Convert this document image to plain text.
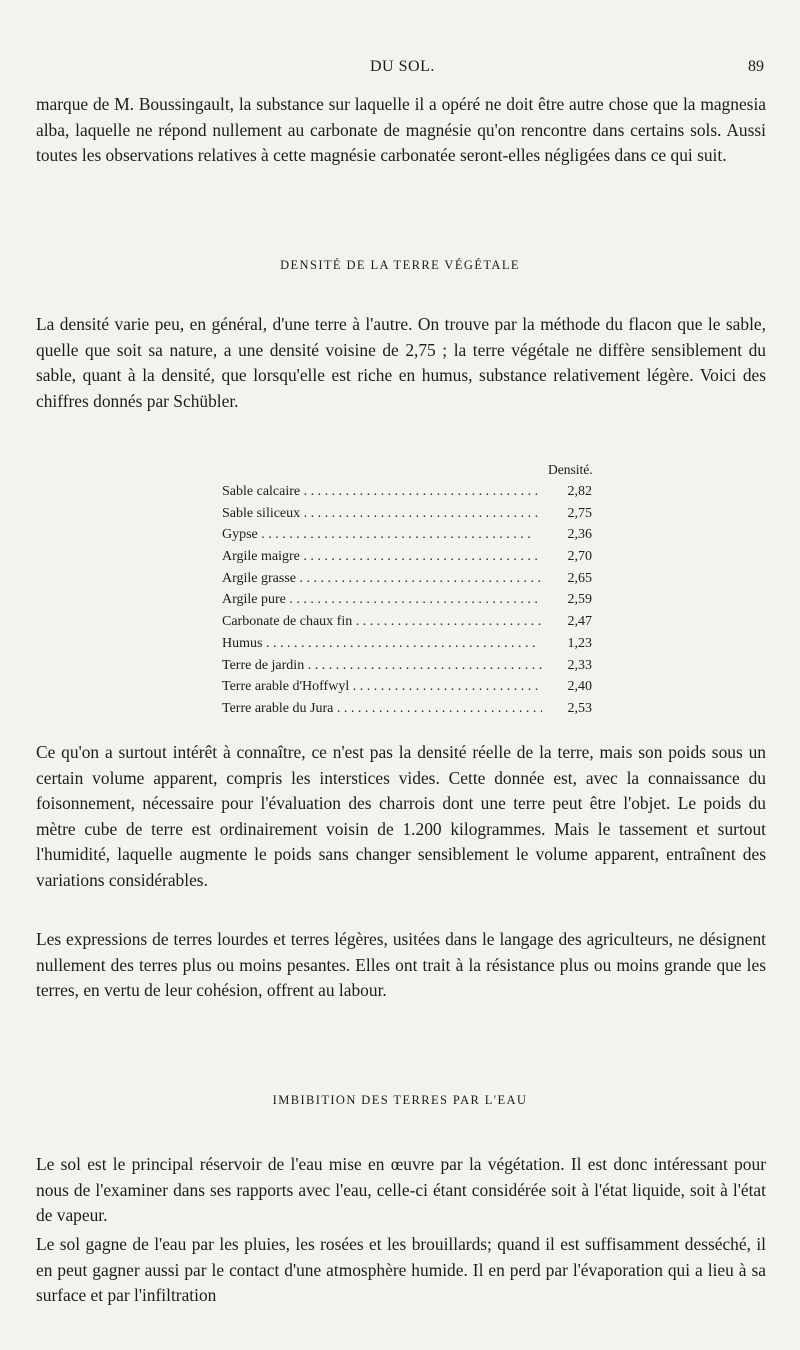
DU SOL.	89

marque de M. Boussingault, la substance sur laquelle il a opéré ne doit être autre chose que la magnesia alba, laquelle ne répond nullement au carbonate de magnésie qu'on rencontre dans certains sols. Aussi toutes les observations relatives à cette magnésie carbonatée seront-elles négligées dans ce qui suit.

DENSITÉ DE LA TERRE VÉGÉTALE

La densité varie peu, en général, d'une terre à l'autre. On trouve par la méthode du flacon que le sable, quelle que soit sa nature, a une densité voisine de 2,75 ; la terre végétale ne diffère sensiblement du sable, quant à la densité, que lorsqu'elle est riche en humus, substance relativement légère. Voici des chiffres donnés par Schübler.

Densité.
Sable calcaire . . .	2,82
Sable siliceux . . .	2,75
Gypse . . .	2,36
Argile maigre . . .	2,70
Argile grasse . . .	2,65
Argile pure . . .	2,59
Carbonate de chaux fin . . .	2,47
Humus . . .	1,23
Terre de jardin . . .	2,33
Terre arable d'Hoffwyl . . .	2,40
Terre arable du Jura . . .	2,53

Ce qu'on a surtout intérêt à connaître, ce n'est pas la densité réelle de la terre, mais son poids sous un certain volume apparent, compris les interstices vides. Cette donnée est, avec la connaissance du foisonnement, nécessaire pour l'évaluation des charrois dont une terre peut être l'objet. Le poids du mètre cube de terre est ordinairement voisin de 1.200 kilogrammes. Mais le tassement et surtout l'humidité, laquelle augmente le poids sans changer sensiblement le volume apparent, entraînent des variations considérables.

Les expressions de terres lourdes et terres légères, usitées dans le langage des agriculteurs, ne désignent nullement des terres plus ou moins pesantes. Elles ont trait à la résistance plus ou moins grande que les terres, en vertu de leur cohésion, offrent au labour.

IMBIBITION DES TERRES PAR L'EAU

Le sol est le principal réservoir de l'eau mise en œuvre par la végétation. Il est donc intéressant pour nous de l'examiner dans ses rapports avec l'eau, celle-ci étant considérée soit à l'état liquide, soit à l'état de vapeur.

Le sol gagne de l'eau par les pluies, les rosées et les brouillards; quand il est suffisamment desséché, il en peut gagner aussi par le contact d'une atmosphère humide. Il en perd par l'évaporation qui a lieu à sa surface et par l'infiltration
